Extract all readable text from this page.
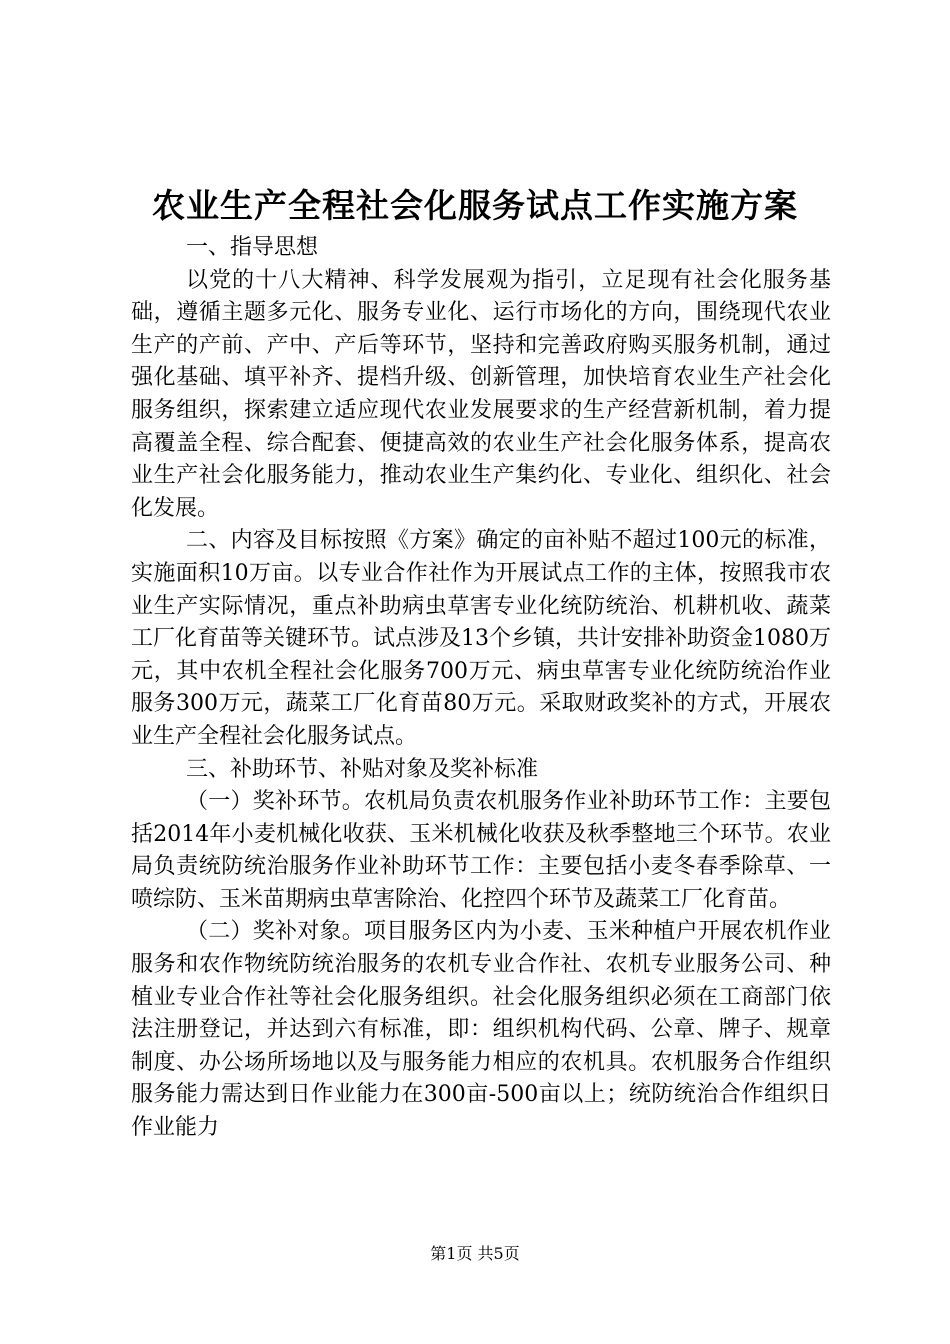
农业生产全程社会化服务试点工作实施方案

一、指导思想

以党的十八大精神、科学发展观为指引，立足现有社会化服务基础，遵循主题多元化、服务专业化、运行市场化的方向，围绕现代农业生产的产前、产中、产后等环节，坚持和完善政府购买服务机制，通过强化基础、填平补齐、提档升级、创新管理，加快培育农业生产社会化服务组织，探索建立适应现代农业发展要求的生产经营新机制，着力提高覆盖全程、综合配套、便捷高效的农业生产社会化服务体系，提高农业生产社会化服务能力，推动农业生产集约化、专业化、组织化、社会化发展。

二、内容及目标按照《方案》确定的亩补贴不超过100元的标准，实施面积10万亩。以专业合作社作为开展试点工作的主体，按照我市农业生产实际情况，重点补助病虫草害专业化统防统治、机耕机收、蔬菜工厂化育苗等关键环节。试点涉及13个乡镇，共计安排补助资金1080万元，其中农机全程社会化服务700万元、病虫草害专业化统防统治作业服务300万元，蔬菜工厂化育苗80万元。采取财政奖补的方式，开展农业生产全程社会化服务试点。

三、补助环节、补贴对象及奖补标准

（一）奖补环节。农机局负责农机服务作业补助环节工作：主要包括2014年小麦机械化收获、玉米机械化收获及秋季整地三个环节。农业局负责统防统治服务作业补助环节工作：主要包括小麦冬春季除草、一喷综防、玉米苗期病虫草害除治、化控四个环节及蔬菜工厂化育苗。

（二）奖补对象。项目服务区内为小麦、玉米种植户开展农机作业服务和农作物统防统治服务的农机专业合作社、农机专业服务公司、种植业专业合作社等社会化服务组织。社会化服务组织必须在工商部门依法注册登记，并达到六有标准，即：组织机构代码、公章、牌子、规章制度、办公场所场地以及与服务能力相应的农机具。农机服务合作组织服务能力需达到日作业能力在300亩-500亩以上；统防统治合作组织日作业能力

第1页 共5页
